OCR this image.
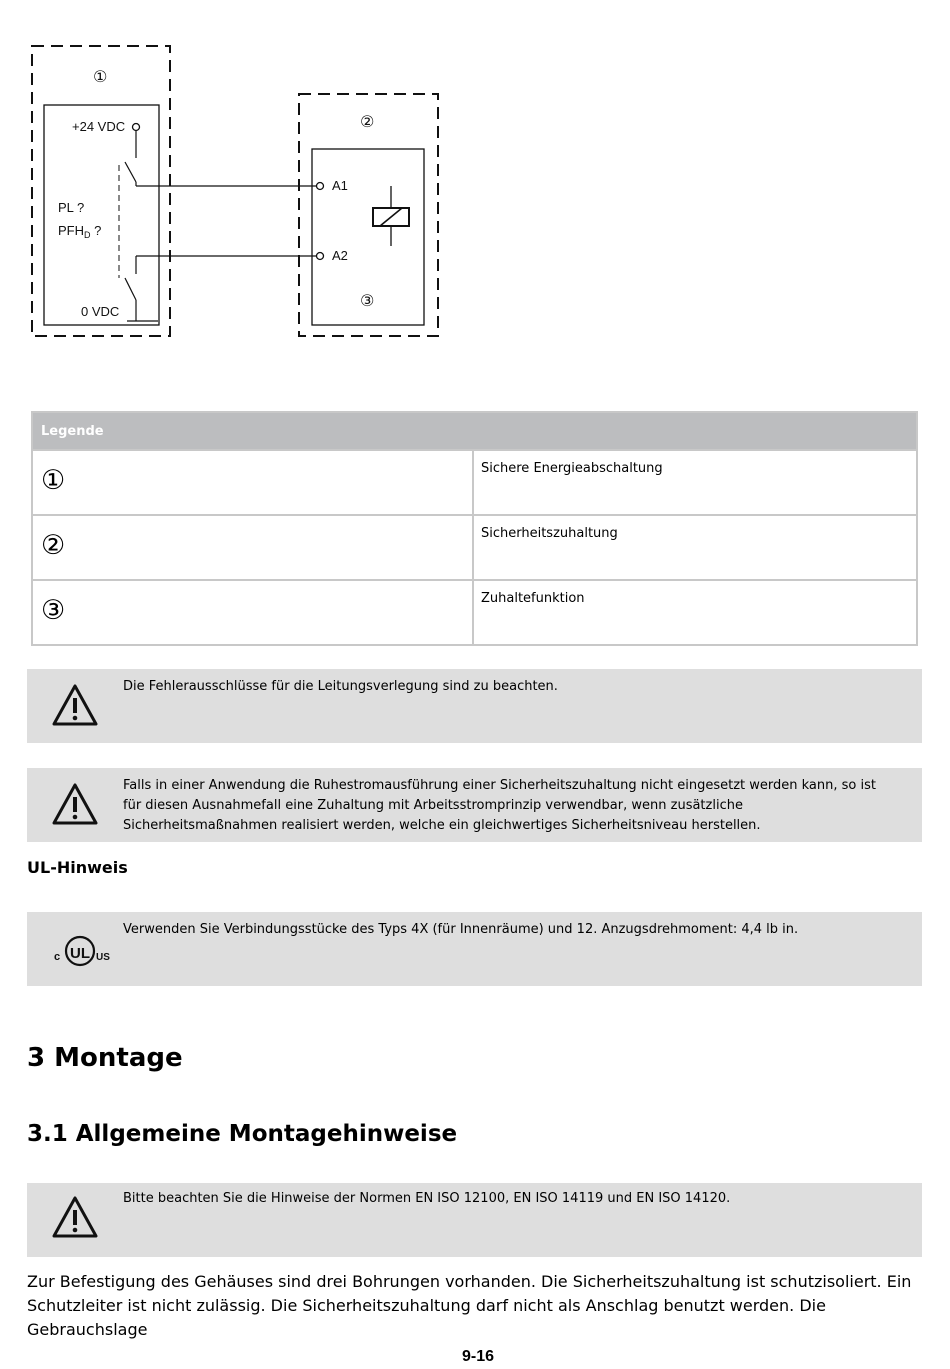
①
+24 VDC
PL ?
$PFH_D$ ?
0 VDC
②
A1
A2
③
Legende
①	Sichere Energieabschaltung
②	Sicherheitszuhaltung
③	Zuhaltefunktion
Die Fehlerausschlüsse für die Leitungsverlegung sind zu beachten.
Falls in einer Anwendung die Ruhestromausführung einer Sicherheitszuhaltung nicht eingesetzt werden kann, so ist für diesen Ausnahmefall eine Zuhaltung mit Arbeitsstromprinzip verwendbar, wenn zusätzliche Sicherheitsmaßnahmen realisiert werden, welche ein gleichwertiges Sicherheitsniveau herstellen.
UL-Hinweis
c UL US
Verwenden Sie Verbindungsstücke des Typs 4X (für Innenräume) und 12. Anzugsdrehmoment: 4,4 lb in.
3 Montage
3.1 Allgemeine Montagehinweise
Bitte beachten Sie die Hinweise der Normen EN ISO 12100, EN ISO 14119 und EN ISO 14120.
Zur Befestigung des Gehäuses sind drei Bohrungen vorhanden. Die Sicherheitszuhaltung ist schutzisoliert. Ein Schutzleiter ist nicht zulässig. Die Sicherheitszuhaltung darf nicht als Anschlag benutzt werden. Die Gebrauchslage
9-16
